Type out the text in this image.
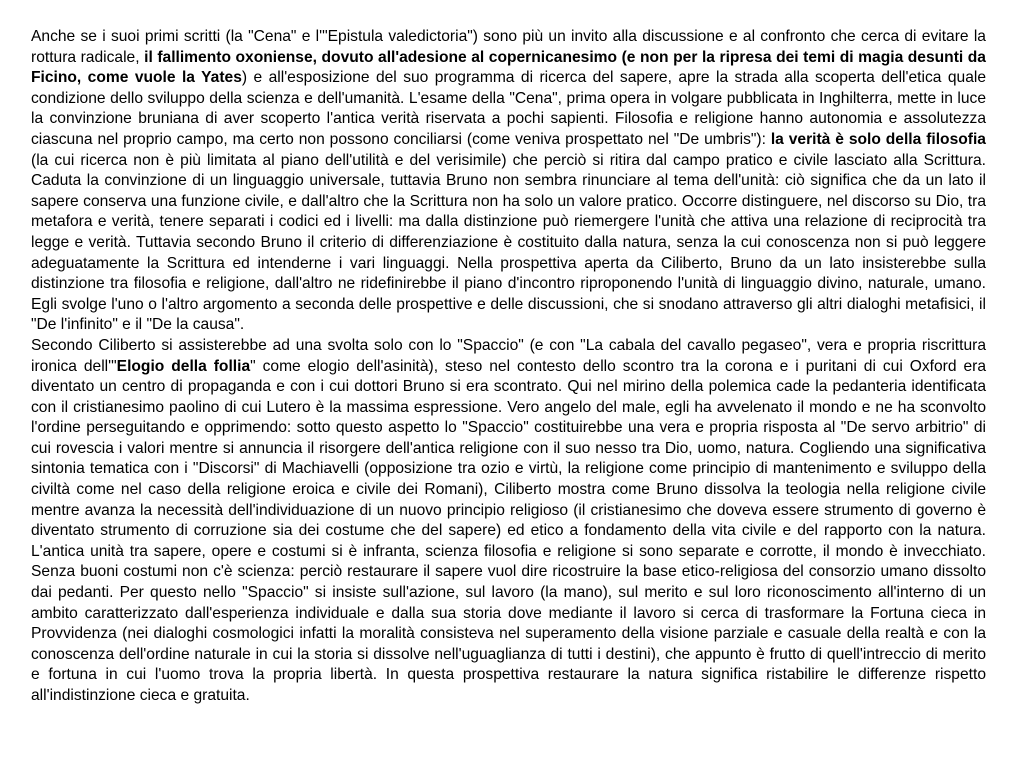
Anche se i suoi primi scritti (la "Cena" e l'"Epistula valedictoria") sono più un invito alla discussione e al confronto che cerca di evitare la rottura radicale, il fallimento oxoniense, dovuto all'adesione al copernicanesimo (e non per la ripresa dei temi di magia desunti da Ficino, come vuole la Yates) e all'esposizione del suo programma di ricerca del sapere, apre la strada alla scoperta dell'etica quale condizione dello sviluppo della scienza e dell'umanità. L'esame della "Cena", prima opera in volgare pubblicata in Inghilterra, mette in luce la convinzione bruniana di aver scoperto l'antica verità riservata a pochi sapienti. Filosofia e religione hanno autonomia e assolutezza ciascuna nel proprio campo, ma certo non possono conciliarsi (come veniva prospettato nel "De umbris"): la verità è solo della filosofia (la cui ricerca non è più limitata al piano dell'utilità e del verisimile) che perciò si ritira dal campo pratico e civile lasciato alla Scrittura. Caduta la convinzione di un linguaggio universale, tuttavia Bruno non sembra rinunciare al tema dell'unità: ciò significa che da un lato il sapere conserva una funzione civile, e dall'altro che la Scrittura non ha solo un valore pratico. Occorre distinguere, nel discorso su Dio, tra metafora e verità, tenere separati i codici ed i livelli: ma dalla distinzione può riemergere l'unità che attiva una relazione di reciprocità tra legge e verità. Tuttavia secondo Bruno il criterio di differenziazione è costituito dalla natura, senza la cui conoscenza non si può leggere adeguatamente la Scrittura ed intenderne i vari linguaggi. Nella prospettiva aperta da Ciliberto, Bruno da un lato insisterebbe sulla distinzione tra filosofia e religione, dall'altro ne ridefinirebbe il piano d'incontro riproponendo l'unità di linguaggio divino, naturale, umano. Egli svolge l'uno o l'altro argomento a seconda delle prospettive e delle discussioni, che si snodano attraverso gli altri dialoghi metafisici, il "De l'infinito" e il "De la causa".

Secondo Ciliberto si assisterebbe ad una svolta solo con lo "Spaccio" (e con "La cabala del cavallo pegaseo", vera e propria riscrittura ironica dell'"Elogio della follia" come elogio dell'asinità), steso nel contesto dello scontro tra la corona e i puritani di cui Oxford era diventato un centro di propaganda e con i cui dottori Bruno si era scontrato. Qui nel mirino della polemica cade la pedanteria identificata con il cristianesimo paolino di cui Lutero è la massima espressione. Vero angelo del male, egli ha avvelenato il mondo e ne ha sconvolto l'ordine perseguitando e opprimendo: sotto questo aspetto lo "Spaccio" costituirebbe una vera e propria risposta al "De servo arbitrio" di cui rovescia i valori mentre si annuncia il risorgere dell'antica religione con il suo nesso tra Dio, uomo, natura. Cogliendo una significativa sintonia tematica con i "Discorsi" di Machiavelli (opposizione tra ozio e virtù, la religione come principio di mantenimento e sviluppo della civiltà come nel caso della religione eroica e civile dei Romani), Ciliberto mostra come Bruno dissolva la teologia nella religione civile mentre avanza la necessità dell'individuazione di un nuovo principio religioso (il cristianesimo che doveva essere strumento di governo è diventato strumento di corruzione sia dei costume che del sapere) ed etico a fondamento della vita civile e del rapporto con la natura. L'antica unità tra sapere, opere e costumi si è infranta, scienza filosofia e religione si sono separate e corrotte, il mondo è invecchiato. Senza buoni costumi non c'è scienza: perciò restaurare il sapere vuol dire ricostruire la base etico-religiosa del consorzio umano dissolto dai pedanti. Per questo nello "Spaccio" si insiste sull'azione, sul lavoro (la mano), sul merito e sul loro riconoscimento all'interno di un ambito caratterizzato dall'esperienza individuale e dalla sua storia dove mediante il lavoro si cerca di trasformare la Fortuna cieca in Provvidenza (nei dialoghi cosmologici infatti la moralità consisteva nel superamento della visione parziale e casuale della realtà e con la conoscenza dell'ordine naturale in cui la storia si dissolve nell'uguaglianza di tutti i destini), che appunto è frutto di quell'intreccio di merito e fortuna in cui l'uomo trova la propria libertà. In questa prospettiva restaurare la natura significa ristabilire le differenze rispetto all'indistinzione cieca e gratuita.
